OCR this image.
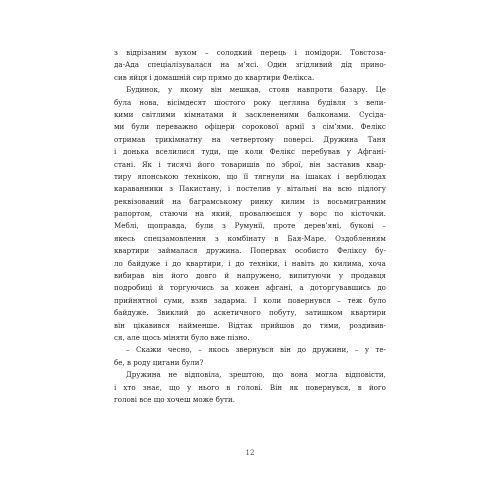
з відрізаним вухом – солодкий перець і помідори. Товстоза-
да-Ада спеціалізувалася на м’ясі. Один згідливий дід прино-
сив яйця і домашній сир прямо до квартири Фелікса.
Будинок, у якому він мешкав, стояв навпроти базару. Це
була нова, вісімдесят шостого року цегляна будівля з вели-
кими світлими кімнатами й засклененими балконами. Сусіда-
ми були переважно офіцери сорокової армії з сім’ями. Фелікс
отримав трикімнатну на четвертому поверсі. Дружина Таня
і донька вселилися туди, ще коли Фелікс перебував у Афгані-
стані. Як і тисячі його товаришів по зброї, він заставив квар-
тиру японською технікою, що її тягнули на ішаках і верблюдах
караванники з Пакистану, і постелив у вітальні на всю підлогу
реквізований на баграмському ринку килим із восьмигранним
рапортом, стаючи на який, провалюєшся у ворс по кісточки.
Меблі, щоправда, були з Румунії, проте дерев’яні, букові –
якесь спецзамовлення з комбінату в Бая-Маре. Оздобленням
квартири займалася дружина. Поперваx особисто Феліксу бу-
ло байдуже і до квартири, і до техніки, і навіть до килима, хоча
вибирав він його довго й напружено, випитуючи у продавця
подробиці й торгуючись за кожен афгані, а доторгувавшись до
прийнятної суми, взяв задарма. І коли повернувся – теж було
байдуже. Звиклий до аскетичного побуту, затишком квартири
він цікавився найменше. Відтак прийшов до тями, роздивив-
ся, але щось міняти було вже пізно.
– Скажи чесно, – якось звернувся він до дружини, – у те-
бе, в роду цигани були?
Дружина не відповіла, зрештою, що вона могла відповісти,
і хто знає, що у нього в голові. Він як повернувся, в його
голові все що хочеш може бути.
12
